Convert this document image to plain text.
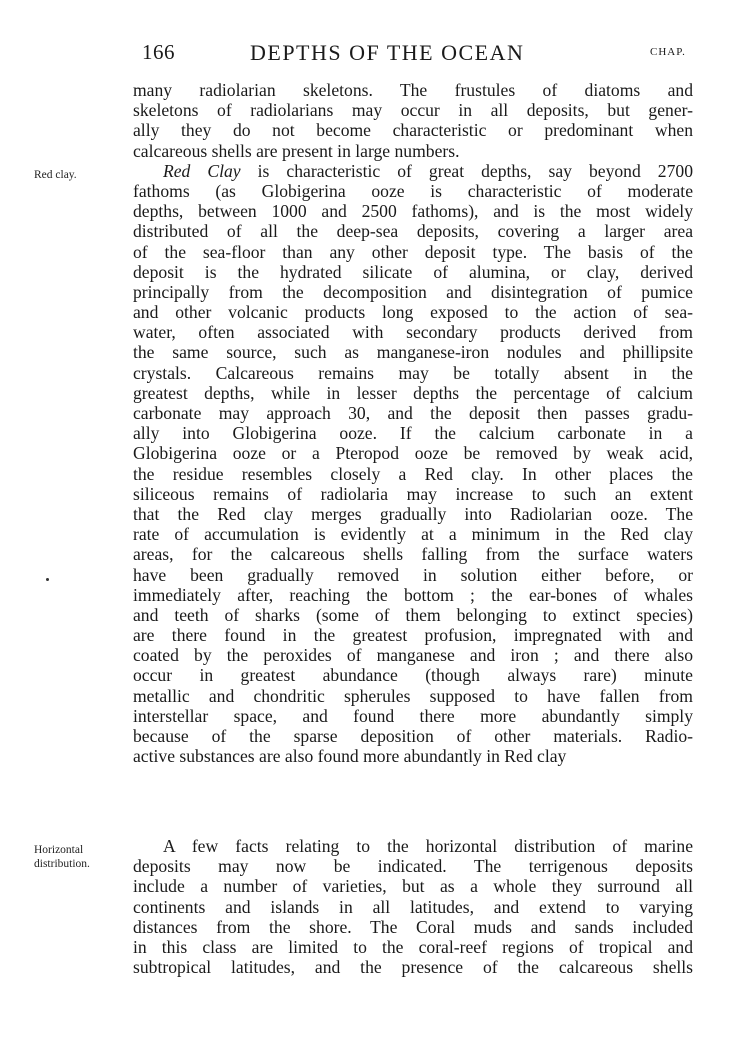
166	DEPTHS OF THE OCEAN	CHAP.
Red clay.
Horizontal
distribution.
many radiolarian skeletons. The frustules of diatoms and
skeletons of radiolarians may occur in all deposits, but gener-
ally they do not become characteristic or predominant when
calcareous shells are present in large numbers.
Red Clay is characteristic of great depths, say beyond 2700
fathoms (as Globigerina ooze is characteristic of moderate
depths, between 1000 and 2500 fathoms), and is the most widely
distributed of all the deep-sea deposits, covering a larger area
of the sea-floor than any other deposit type. The basis of the
deposit is the hydrated silicate of alumina, or clay, derived
principally from the decomposition and disintegration of pumice
and other volcanic products long exposed to the action of sea-
water, often associated with secondary products derived from
the same source, such as manganese-iron nodules and phillipsite
crystals. Calcareous remains may be totally absent in the
greatest depths, while in lesser depths the percentage of calcium
carbonate may approach 30, and the deposit then passes gradu-
ally into Globigerina ooze. If the calcium carbonate in a
Globigerina ooze or a Pteropod ooze be removed by weak acid,
the residue resembles closely a Red clay. In other places the
siliceous remains of radiolaria may increase to such an extent
that the Red clay merges gradually into Radiolarian ooze. The
rate of accumulation is evidently at a minimum in the Red clay
areas, for the calcareous shells falling from the surface waters
have been gradually removed in solution either before, or
immediately after, reaching the bottom ; the ear-bones of whales
and teeth of sharks (some of them belonging to extinct species)
are there found in the greatest profusion, impregnated with and
coated by the peroxides of manganese and iron ; and there also
occur in greatest abundance (though always rare) minute
metallic and chondritic spherules supposed to have fallen from
interstellar space, and found there more abundantly simply
because of the sparse deposition of other materials. Radio-
active substances are also found more abundantly in Red clay
A few facts relating to the horizontal distribution of marine
deposits may now be indicated. The terrigenous deposits
include a number of varieties, but as a whole they surround all
continents and islands in all latitudes, and extend to varying
distances from the shore. The Coral muds and sands included
in this class are limited to the coral-reef regions of tropical and
subtropical latitudes, and the presence of the calcareous shells
